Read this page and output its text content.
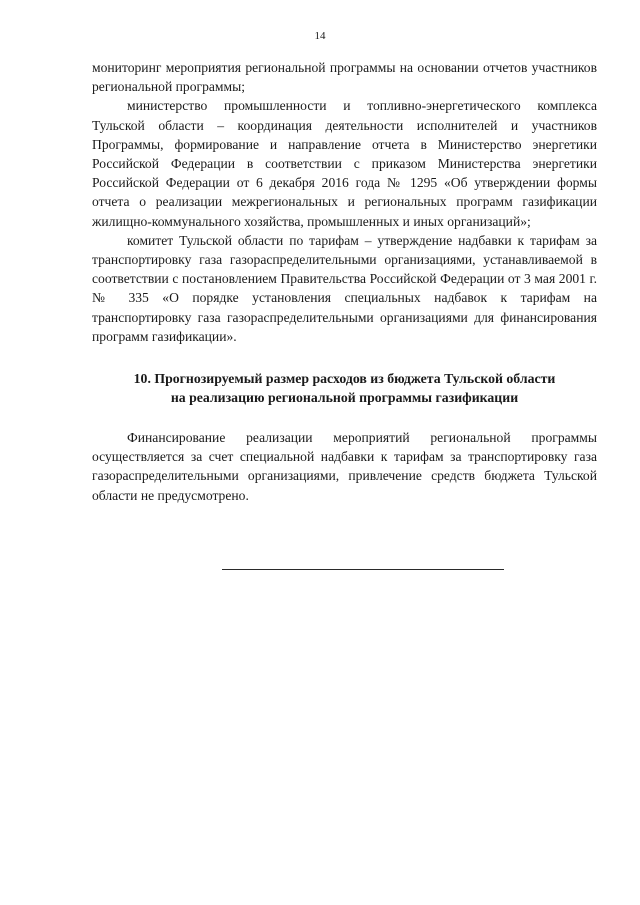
14

мониторинг мероприятия региональной программы на основании отчетов участников региональной программы;

министерство промышленности и топливно-энергетического комплекса Тульской области – координация деятельности исполнителей и участников Программы, формирование и направление отчета в Министерство энергетики Российской Федерации в соответствии с приказом Министерства энергетики Российской Федерации от 6 декабря 2016 года № 1295 «Об утверждении формы отчета о реализации межрегиональных и региональных программ газификации жилищно-коммунального хозяйства, промышленных и иных организаций»;

комитет Тульской области по тарифам – утверждение надбавки к тарифам за транспортировку газа газораспределительными организациями, устанавливаемой в соответствии с постановлением Правительства Российской Федерации от 3 мая 2001 г. № 335 «О порядке установления специальных надбавок к тарифам на транспортировку газа газораспределительными организациями для финансирования программ газификации».

10. Прогнозируемый размер расходов из бюджета Тульской области
на реализацию региональной программы газификации

Финансирование реализации мероприятий региональной программы осуществляется за счет специальной надбавки к тарифам за транспортировку газа газораспределительными организациями, привлечение средств бюджета Тульской области не предусмотрено.
